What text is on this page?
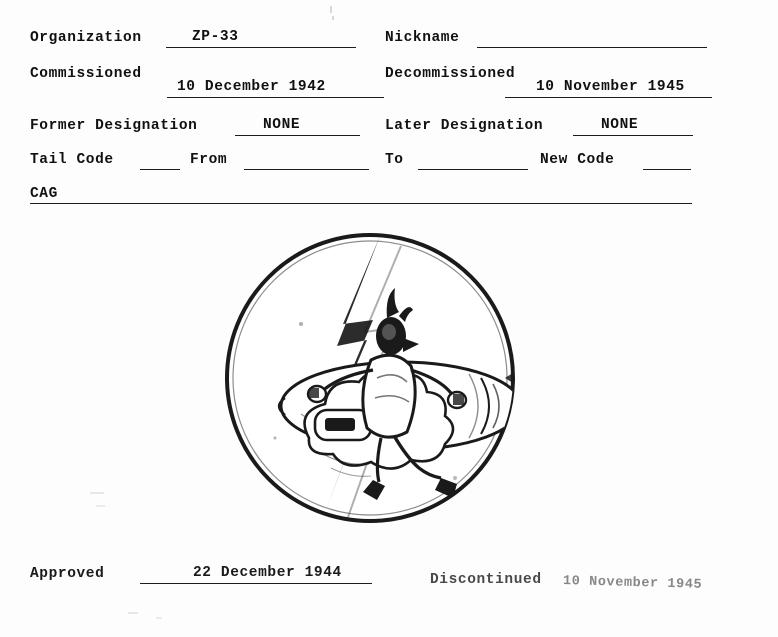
Organization	ZP-33	Nickname
Commissioned
10 December 1942
Decommissioned
10 November 1945
Former Designation	NONE	Later Designation	NONE
Tail Code	From	To	New Code
CAG
Approved	22 December 1944	Discontinued 10 November 1945
